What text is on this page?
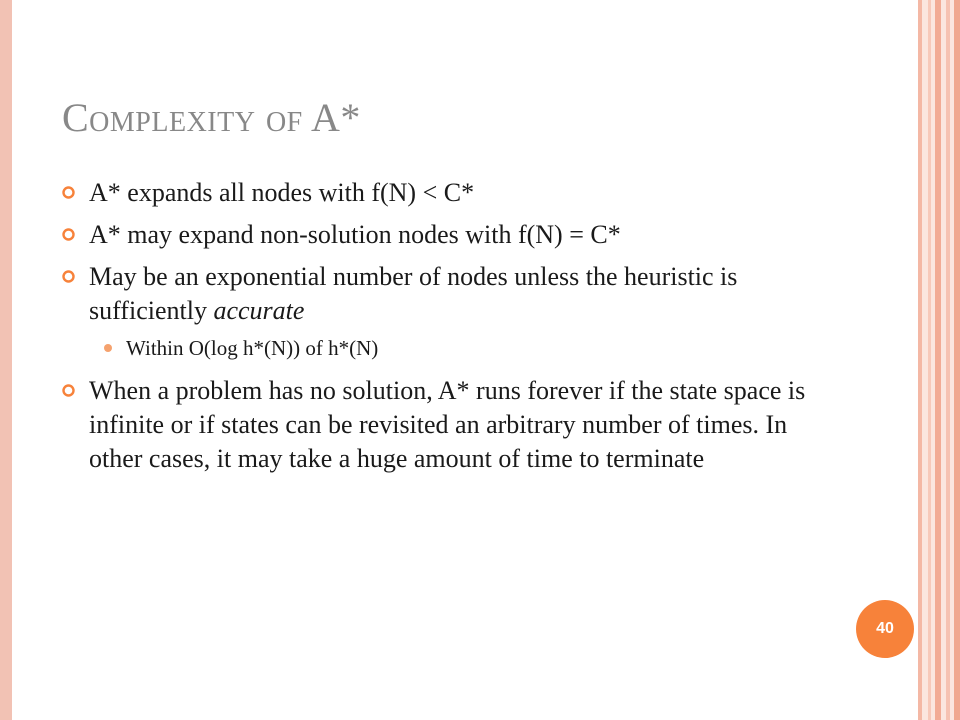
Complexity of A*
A* expands all nodes with f(N) < C*
A* may expand non-solution nodes with f(N) = C*
May be an exponential number of nodes unless the heuristic is sufficiently accurate
Within O(log h*(N)) of h*(N)
When a problem has no solution, A* runs forever if the state space is infinite or if states can be revisited an arbitrary number of times. In other cases, it may take a huge amount of time to terminate
40
